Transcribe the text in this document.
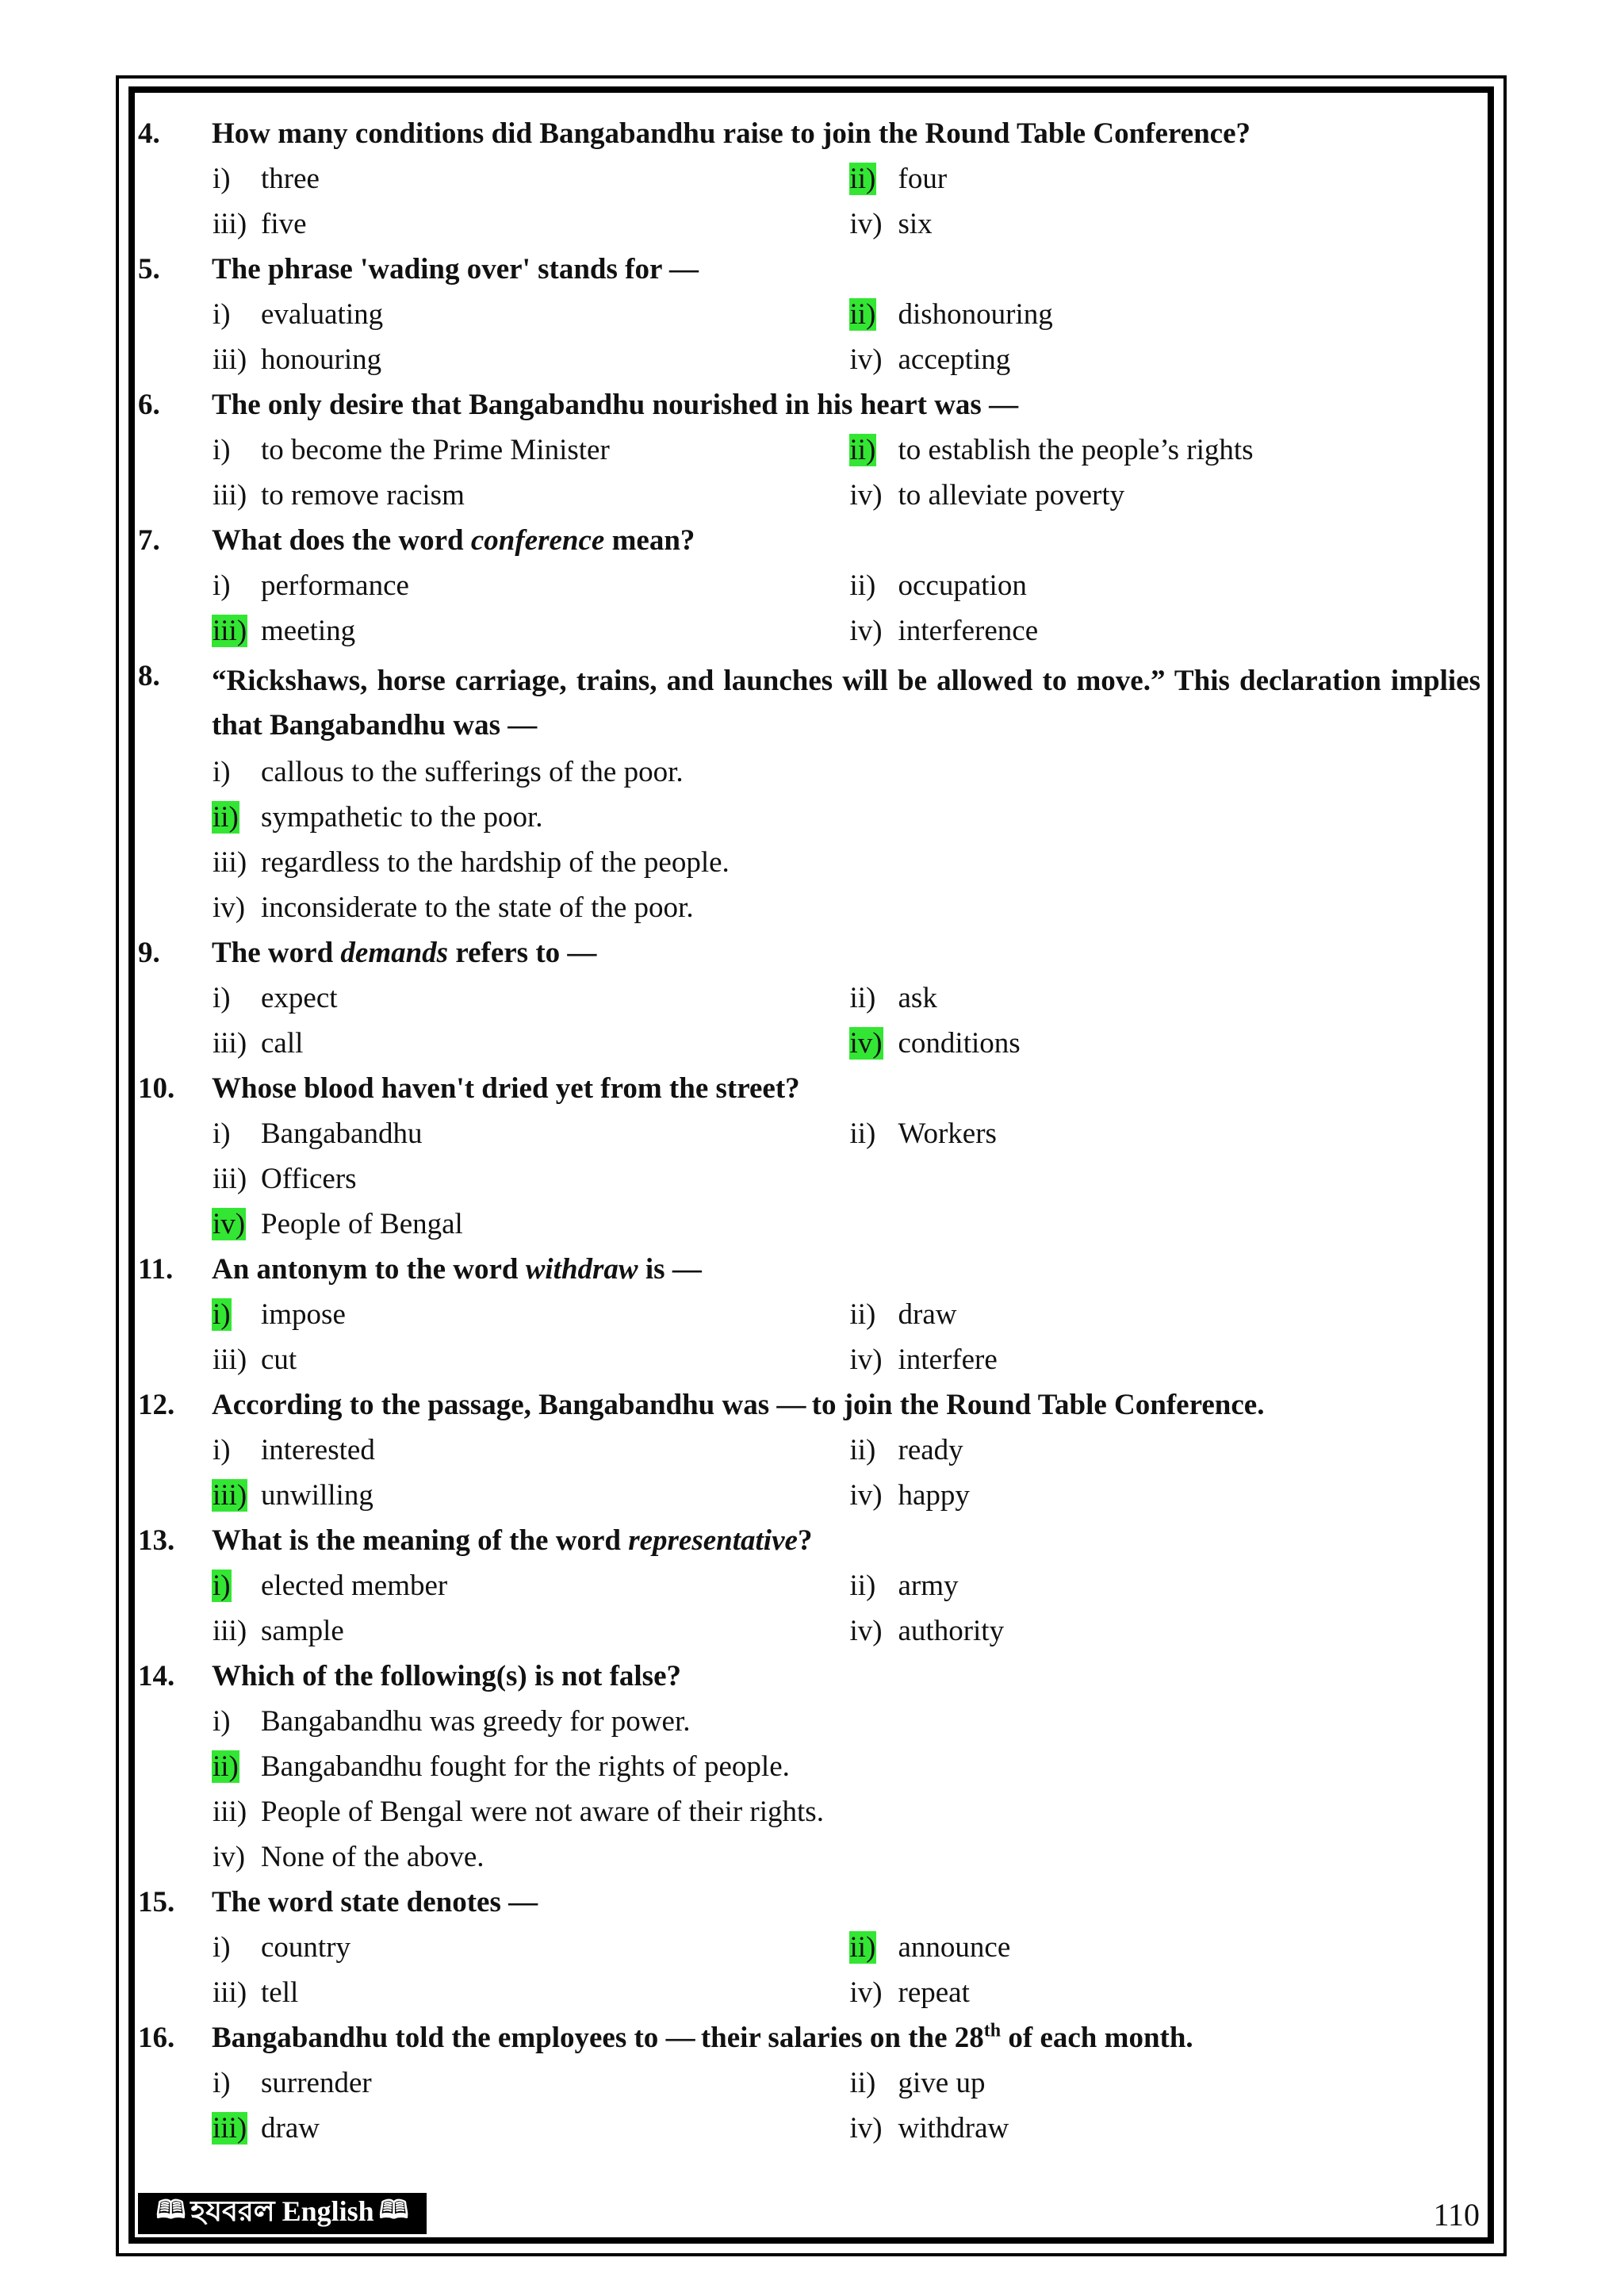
4.	How many conditions did Bangabandhu raise to join the Round Table Conference?
i)	three	ii) four
iii) five	iv) six
5.	The phrase 'wading over' stands for —
i)	evaluating	ii) dishonouring
iii) honouring	iv) accepting
6.	The only desire that Bangabandhu nourished in his heart was —
i)	to become the Prime Minister	ii) to establish the people’s rights
iii) to remove racism	iv) to alleviate poverty
7.	What does the word conference mean?
i)	performance	ii) occupation
iii) meeting	iv) interference
8.	“Rickshaws, horse carriage, trains, and launches will be allowed to move.” This declaration implies that Bangabandhu was —
i)	callous to the sufferings of the poor.
ii) sympathetic to the poor.
iii) regardless to the hardship of the people.
iv) inconsiderate to the state of the poor.
9.	The word demands refers to —
i)	expect	ii) ask
iii) call	iv) conditions
10.	Whose blood haven't dried yet from the street?
i)	Bangabandhu	ii) Workers
iii) Officers
iv) People of Bengal
11.	An antonym to the word withdraw is —
i)	impose	ii) draw
iii) cut	iv) interfere
12.	According to the passage, Bangabandhu was — to join the Round Table Conference.
i)	interested	ii) ready
iii) unwilling	iv) happy
13.	What is the meaning of the word representative?
i)	elected member	ii) army
iii) sample	iv) authority
14.	Which of the following(s) is not false?
i)	Bangabandhu was greedy for power.
ii) Bangabandhu fought for the rights of people.
iii) People of Bengal were not aware of their rights.
iv) None of the above.
15.	The word state denotes —
i)	country	ii) announce
iii) tell	iv) repeat
16.	Bangabandhu told the employees to — their salaries on the 28th of each month.
i)	surrender	ii) give up
iii) draw	iv) withdraw
🕮 হযবরল English 🕮	110
